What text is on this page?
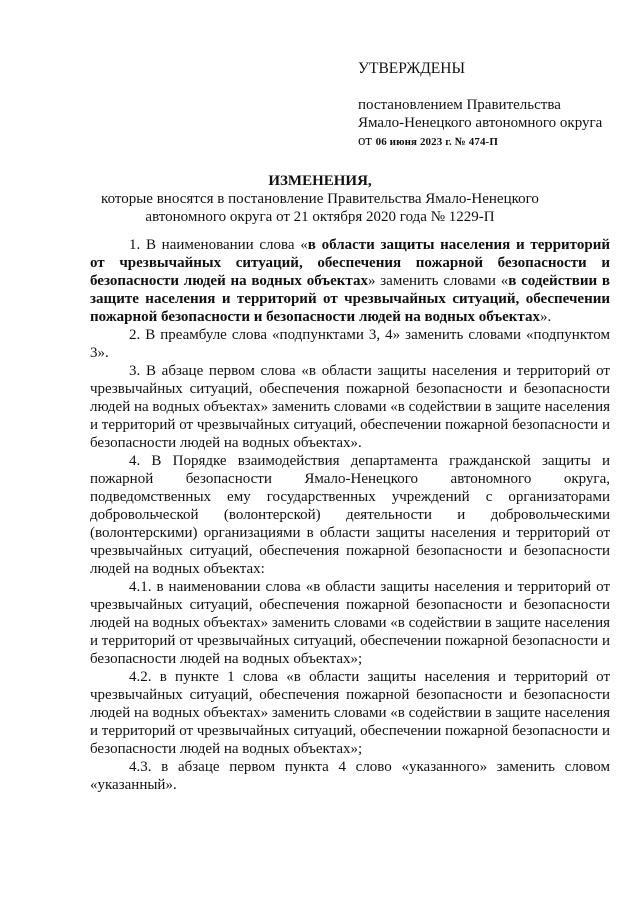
УТВЕРЖДЕНЫ
постановлением Правительства
Ямало-Ненецкого автономного округа
от 06 июня 2023 г. № 474-П
ИЗМЕНЕНИЯ,
которые вносятся в постановление Правительства Ямало-Ненецкого
автономного округа от 21 октября 2020 года № 1229-П

1. В наименовании слова «в области защиты населения и территорий от чрезвычайных ситуаций, обеспечения пожарной безопасности и безопасности людей на водных объектах» заменить словами «в содействии в защите населения и территорий от чрезвычайных ситуаций, обеспечении пожарной безопасности и безопасности людей на водных объектах».

2. В преамбуле слова «подпунктами 3, 4» заменить словами «подпунктом 3».

3. В абзаце первом слова «в области защиты населения и территорий от чрезвычайных ситуаций, обеспечения пожарной безопасности и безопасности людей на водных объектах» заменить словами «в содействии в защите населения и территорий от чрезвычайных ситуаций, обеспечении пожарной безопасности и безопасности людей на водных объектах».

4. В Порядке взаимодействия департамента гражданской защиты и пожарной безопасности Ямало-Ненецкого автономного округа, подведомственных ему государственных учреждений с организаторами добровольческой (волонтерской) деятельности и добровольческими (волонтерскими) организациями в области защиты населения и территорий от чрезвычайных ситуаций, обеспечения пожарной безопасности и безопасности людей на водных объектах:

4.1. в наименовании слова «в области защиты населения и территорий от чрезвычайных ситуаций, обеспечения пожарной безопасности и безопасности людей на водных объектах» заменить словами «в содействии в защите населения и территорий от чрезвычайных ситуаций, обеспечении пожарной безопасности и безопасности людей на водных объектах»;

4.2. в пункте 1 слова «в области защиты населения и территорий от чрезвычайных ситуаций, обеспечения пожарной безопасности и безопасности людей на водных объектах» заменить словами «в содействии в защите населения и территорий от чрезвычайных ситуаций, обеспечении пожарной безопасности и безопасности людей на водных объектах»;

4.3. в абзаце первом пункта 4 слово «указанного» заменить словом «указанный».
